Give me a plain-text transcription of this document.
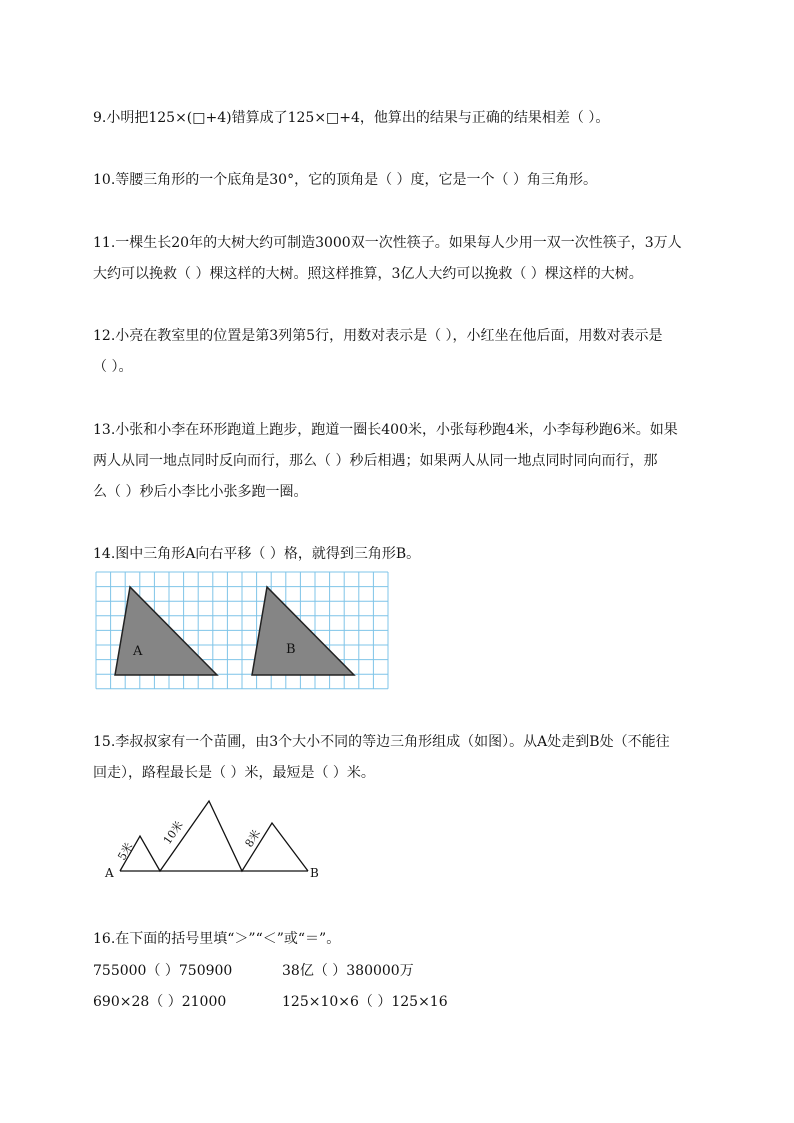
9.小明把125×(□+4)错算成了125×□+4，他算出的结果与正确的结果相差（ ）。
10.等腰三角形的一个底角是30°，它的顶角是（ ）度，它是一个（ ）角三角形。
11.一棵生长20年的大树大约可制造3000双一次性筷子。如果每人少用一双一次性筷子，3万人
大约可以挽救（ ）棵这样的大树。照这样推算，3亿人大约可以挽救（ ）棵这样的大树。
12.小亮在教室里的位置是第3列第5行，用数对表示是（ ），小红坐在他后面，用数对表示是
（ ）。
13.小张和小李在环形跑道上跑步，跑道一圈长400米，小张每秒跑4米，小李每秒跑6米。如果
两人从同一地点同时反向而行，那么（ ）秒后相遇；如果两人从同一地点同时同向而行，那
么（ ）秒后小李比小张多跑一圈。
14.图中三角形A向右平移（ ）格，就得到三角形B。
A	B
15.李叔叔家有一个苗圃，由3个大小不同的等边三角形组成（如图）。从A处走到B处（不能往
回走），路程最长是（ ）米，最短是（ ）米。
A	B
5米
10米	8米
16.在下面的括号里填“＞”“＜”或“＝”。
755000（ ）750900	38亿（ ）380000万
690×28（ ）21000	125×10×6（ ）125×16
